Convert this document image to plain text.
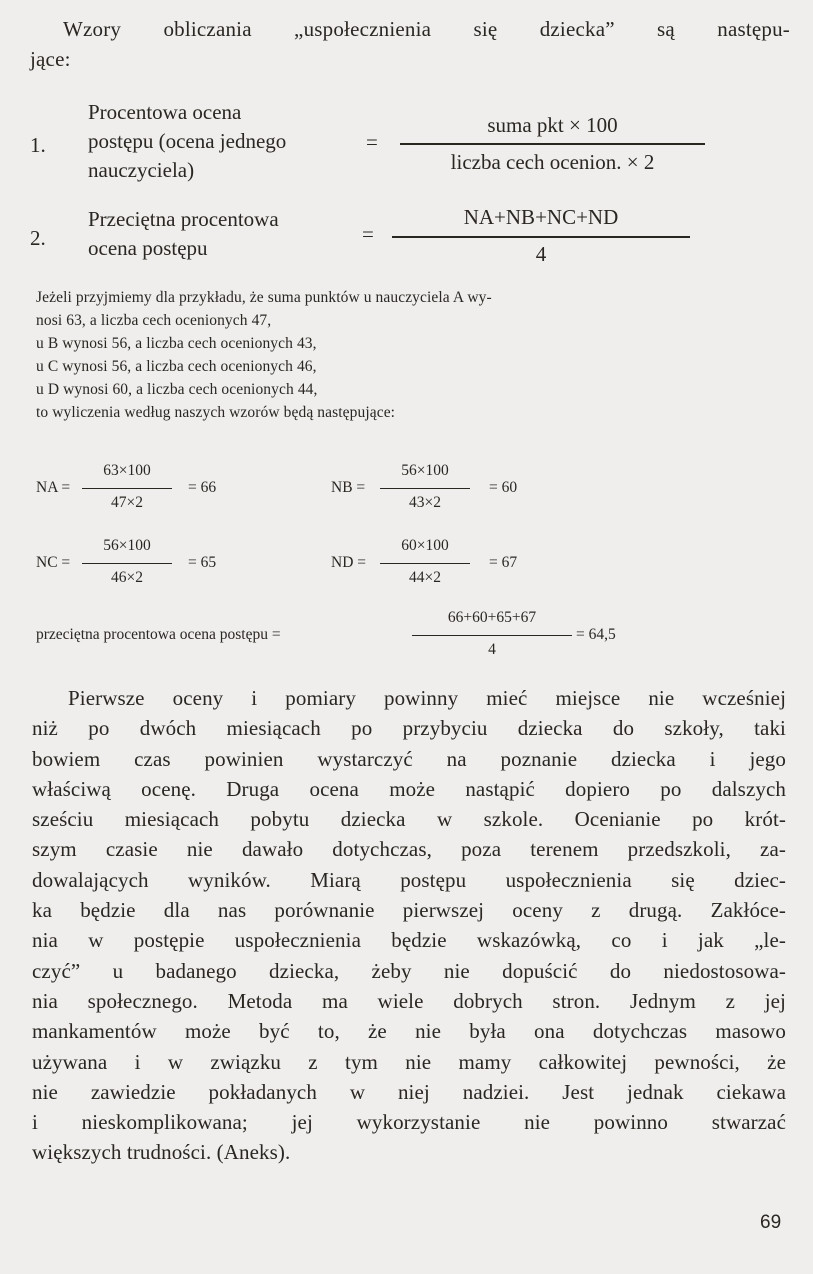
Wzory obliczania „uspołecznienia się dziecka” są następu-
jące:
1.
Procentowa ocena
postępu (ocena jednego
nauczyciela)
=
suma pkt × 100
liczba cech ocenion. × 2
2.
Przeciętna procentowa
ocena postępu
=
NA+NB+NC+ND
4
Jeżeli przyjmiemy dla przykładu, że suma punktów u nauczyciela A wy-
nosi 63, a liczba cech ocenionych 47,
u B wynosi 56, a liczba cech ocenionych 43,
u C wynosi 56, a liczba cech ocenionych 46,
u D wynosi 60, a liczba cech ocenionych 44,
to wyliczenia według naszych wzorów będą następujące:
NA =
63×100
47×2
= 66	NB =
56×100
43×2
= 60
NC =
56×100
46×2
= 65	ND =
60×100
44×2
= 67
przeciętna procentowa ocena postępu =
66+60+65+67
4
= 64,5
Pierwsze oceny i pomiary powinny mieć miejsce nie wcześniej
niż po dwóch miesiącach po przybyciu dziecka do szkoły, taki
bowiem czas powinien wystarczyć na poznanie dziecka i jego
właściwą ocenę. Druga ocena może nastąpić dopiero po dalszych
sześciu miesiącach pobytu dziecka w szkole. Ocenianie po krót-
szym czasie nie dawało dotychczas, poza terenem przedszkoli, za-
dowalających wyników. Miarą postępu uspołecznienia się dziec-
ka będzie dla nas porównanie pierwszej oceny z drugą. Zakłóce-
nia w postępie uspołecznienia będzie wskazówką, co i jak „le-
czyć” u badanego dziecka, żeby nie dopuścić do niedostosowa-
nia społecznego. Metoda ma wiele dobrych stron. Jednym z jej
mankamentów może być to, że nie była ona dotychczas masowo
używana i w związku z tym nie mamy całkowitej pewności, że
nie zawiedzie pokładanych w niej nadziei. Jest jednak ciekawa
i nieskomplikowana; jej wykorzystanie nie powinno stwarzać
większych trudności. (Aneks).
69
